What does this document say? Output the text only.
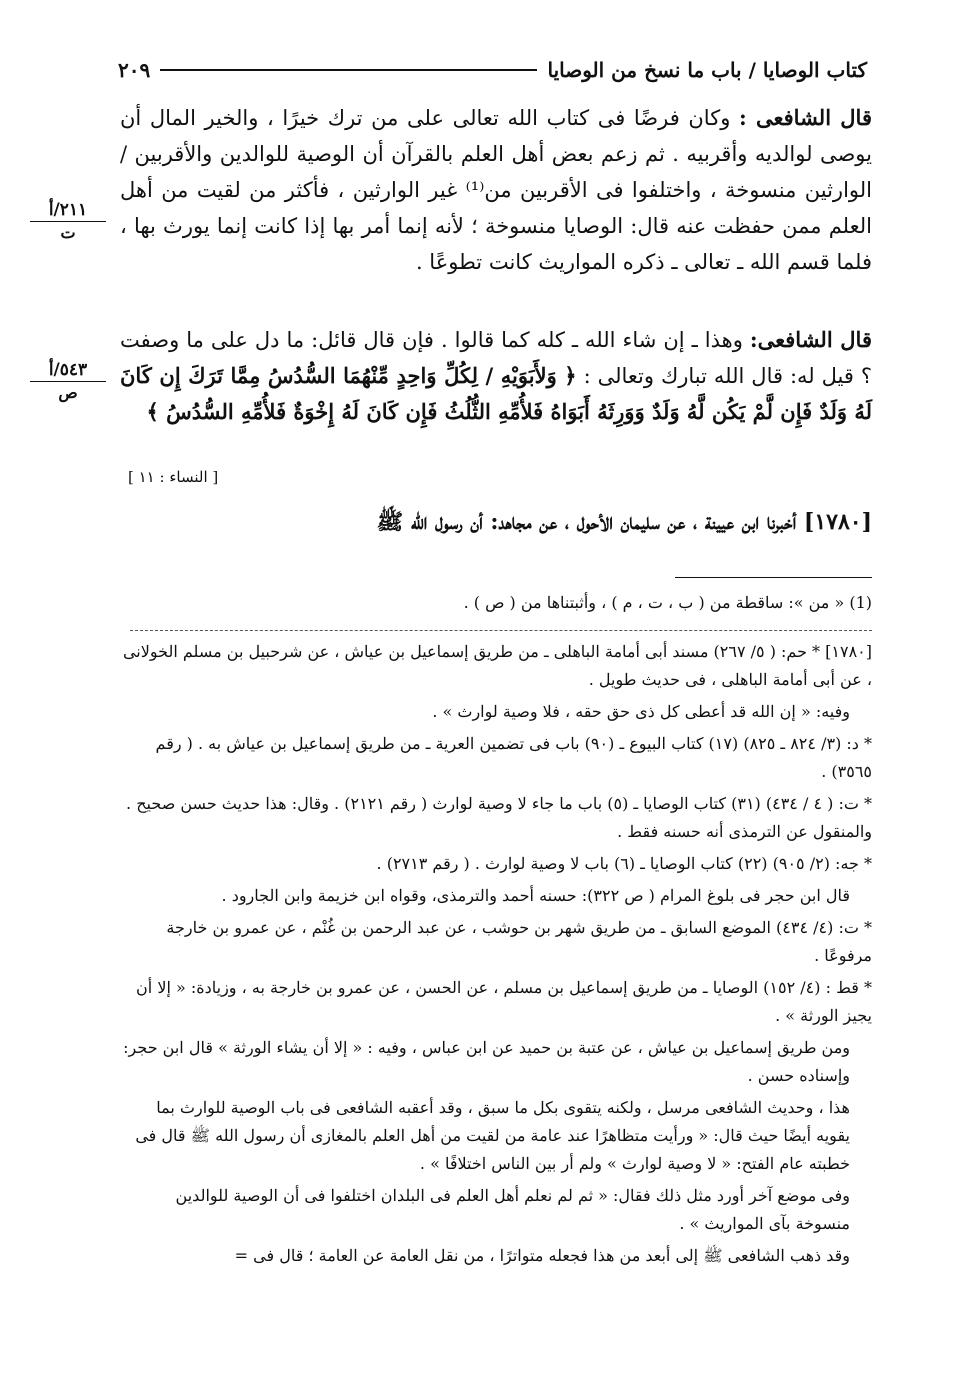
كتاب الوصايا / باب ما نسخ من الوصايا
٢٠٩
٢١١/أ
ت
٥٤٣/أ
ص
قال الشافعى : وكان فرضًا فى كتاب الله تعالى على من ترك خيرًا ، والخير المال أن يوصى لوالديه وأقربيه . ثم زعم بعض أهل العلم بالقرآن أن الوصية للوالدين والأقربين /الوارثين منسوخة ، واختلفوا فى الأقربين من⁽¹⁾ غير الوارثين ، فأكثر من لقيت من أهل العلم ممن حفظت عنه قال: الوصايا منسوخة ؛ لأنه إنما أمر بها إذا كانت إنما يورث بها ، فلما قسم الله ـ تعالى ـ ذكره المواريث كانت تطوعًا .
قال الشافعى: وهذا ـ إن شاء الله ـ كله كما قالوا . فإن قال قائل: ما دل على ما وصفت ؟ قيل له: قال الله تبارك وتعالى : ﴿ وَلأَبَوَيْهِ / لِكُلِّ وَاحِدٍ مِّنْهُمَا السُّدُسُ مِمَّا تَرَكَ إِن كَانَ لَهُ وَلَدٌ فَإِن لَّمْ يَكُن لَّهُ وَلَدٌ وَوَرِثَهُ أَبَوَاهُ فَلأُمِّهِ الثُّلُثُ فَإِن كَانَ لَهُ إِخْوَةٌ فَلأُمِّهِ السُّدُسُ ﴾
[ النساء : ١١ ]
[١٧٨٠] أخبرنا ابن عيينة ، عن سليمان الأحول ، عن مجاهد: أن رسول الله ﷺ
(1) « من »: ساقطة من ( ب ، ت ، م ) ، وأثبتناها من ( ص ) .

[١٧٨٠] * حم: ( ٥/ ٢٦٧) مسند أبى أمامة الباهلى ـ من طريق إسماعيل بن عياش ، عن شرحبيل بن مسلم الخولانى ، عن أبى أمامة الباهلى ، فى حديث طويل .

وفيه: « إن الله قد أعطى كل ذى حق حقه ، فلا وصية لوارث » .

* د: (٣/ ٨٢٤ ـ ٨٢٥) (١٧) كتاب البيوع ـ (٩٠) باب فى تضمين العرية ـ من طريق إسماعيل بن عياش به . ( رقم ٣٥٦٥) .

* ت: ( ٤ / ٤٣٤) (٣١) كتاب الوصايا ـ (٥) باب ما جاء لا وصية لوارث ( رقم ٢١٢١) . وقال: هذا حديث حسن صحيح . والمنقول عن الترمذى أنه حسنه فقط .

* جه: (٢/ ٩٠٥) (٢٢) كتاب الوصايا ـ (٦) باب لا وصية لوارث . ( رقم ٢٧١٣) .

قال ابن حجر فى بلوغ المرام ( ص ٣٢٢): حسنه أحمد والترمذى، وقواه ابن خزيمة وابن الجارود .

* ت: (٤/ ٤٣٤) الموضع السابق ـ من طريق شهر بن حوشب ، عن عبد الرحمن بن غُنْم ، عن عمرو بن خارجة مرفوعًا .

* قط : (٤/ ١٥٢) الوصايا ـ من طريق إسماعيل بن مسلم ، عن الحسن ، عن عمرو بن خارجة به ، وزيادة: « إلا أن يجيز الورثة » .

ومن طريق إسماعيل بن عياش ، عن عتبة بن حميد عن ابن عباس ، وفيه : « إلا أن يشاء الورثة » قال ابن حجر: وإسناده حسن .

هذا ، وحديث الشافعى مرسل ، ولكنه يتقوى بكل ما سبق ، وقد أعقبه الشافعى فى باب الوصية للوارث بما يقويه أيضًا حيث قال: « ورأيت متظاهرًا عند عامة من لقيت من أهل العلم بالمغازى أن رسول الله ﷺ قال فى خطبته عام الفتح: « لا وصية لوارث » ولم أر بين الناس اختلافًا » .

وفى موضع آخر أورد مثل ذلك فقال: « ثم لم نعلم أهل العلم فى البلدان اختلفوا فى أن الوصية للوالدين منسوخة بآى المواريث » .

وقد ذهب الشافعى ﷺ إلى أبعد من هذا فجعله متواترًا ، من نقل العامة عن العامة ؛ قال فى =
